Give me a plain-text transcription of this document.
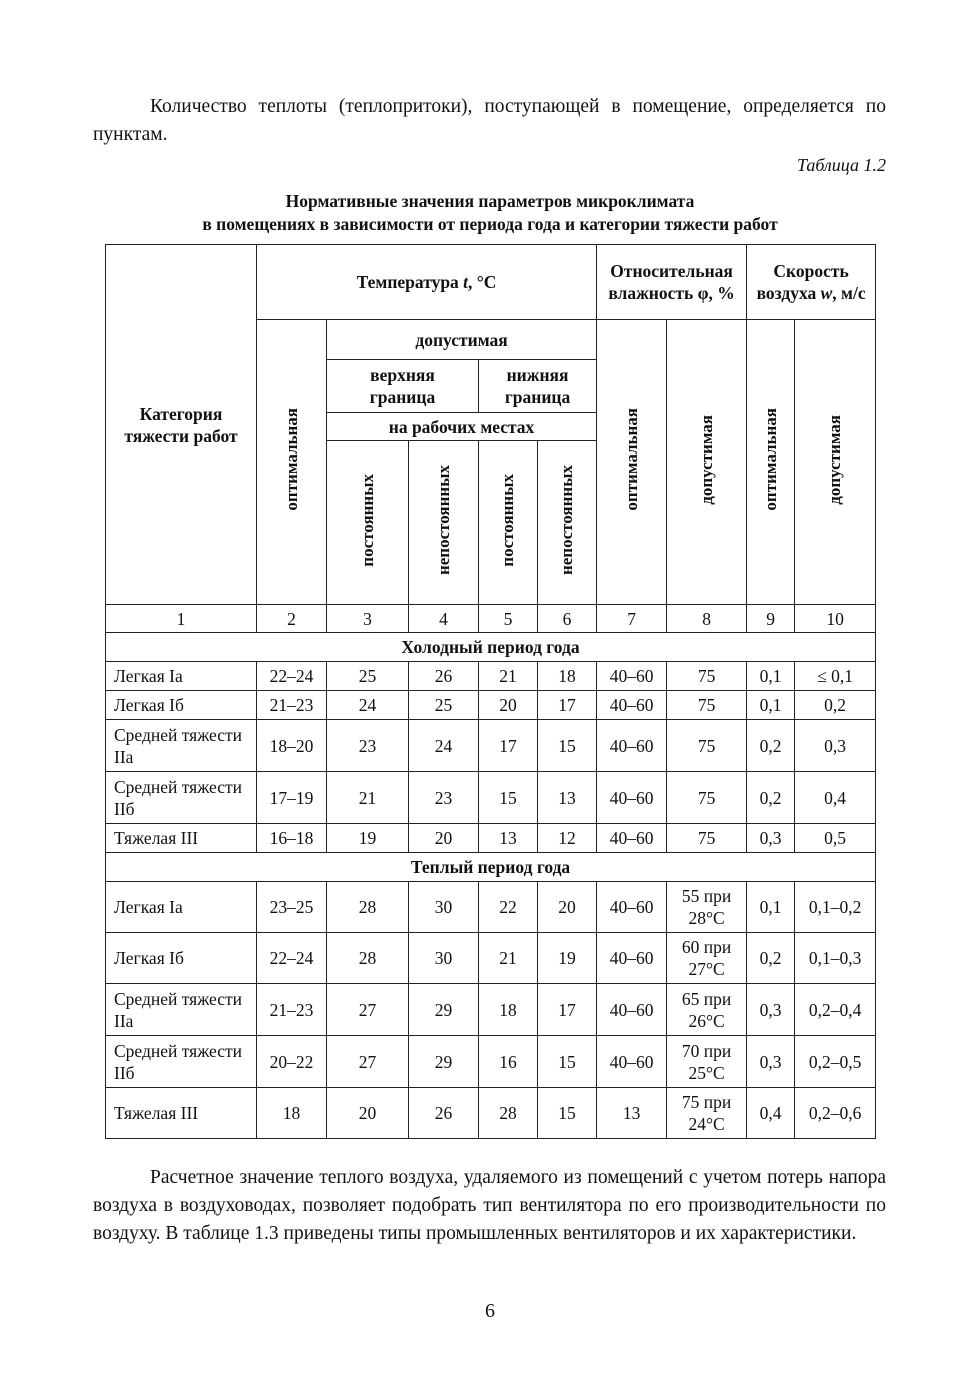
Количество теплоты (теплопритоки), поступающей в помещение, определяется по пунктам.

Таблица 1.2

Нормативные значения параметров микроклимата
в помещениях в зависимости от периода года и категории тяжести работ

Категория тяжести работ	Температура t, °С					Относительная влажность φ, %		Скорость воздуха w, м/с	
	оптимальная	допустимая				оптимальная	допустимая	оптимальная	допустимая
		верхняя граница		нижняя граница					
		на рабочих местах							
		постоянных	непостоянных	постоянных	непостоянных				
1	2	3	4	5	6	7	8	9	10
Холодный период года									
Легкая Iа	22–24	25	26	21	18	40–60	75	0,1	≤ 0,1
Легкая Iб	21–23	24	25	20	17	40–60	75	0,1	0,2
Средней тяжести IIа	18–20	23	24	17	15	40–60	75	0,2	0,3
Средней тяжести IIб	17–19	21	23	15	13	40–60	75	0,2	0,4
Тяжелая III	16–18	19	20	13	12	40–60	75	0,3	0,5
Теплый период года									
Легкая Iа	23–25	28	30	22	20	40–60	55 при 28°С	0,1	0,1–0,2
Легкая Iб	22–24	28	30	21	19	40–60	60 при 27°С	0,2	0,1–0,3
Средней тяжести IIа	21–23	27	29	18	17	40–60	65 при 26°С	0,3	0,2–0,4
Средней тяжести IIб	20–22	27	29	16	15	40–60	70 при 25°С	0,3	0,2–0,5
Тяжелая III	18	20	26	28	15	13	75 при 24°С	0,4	0,2–0,6

Расчетное значение теплого воздуха, удаляемого из помещений с учетом потерь напора воздуха в воздуховодах, позволяет подобрать тип вентилятора по его производительности по воздуху. В таблице 1.3 приведены типы промышленных вентиляторов и их характеристики.

6
